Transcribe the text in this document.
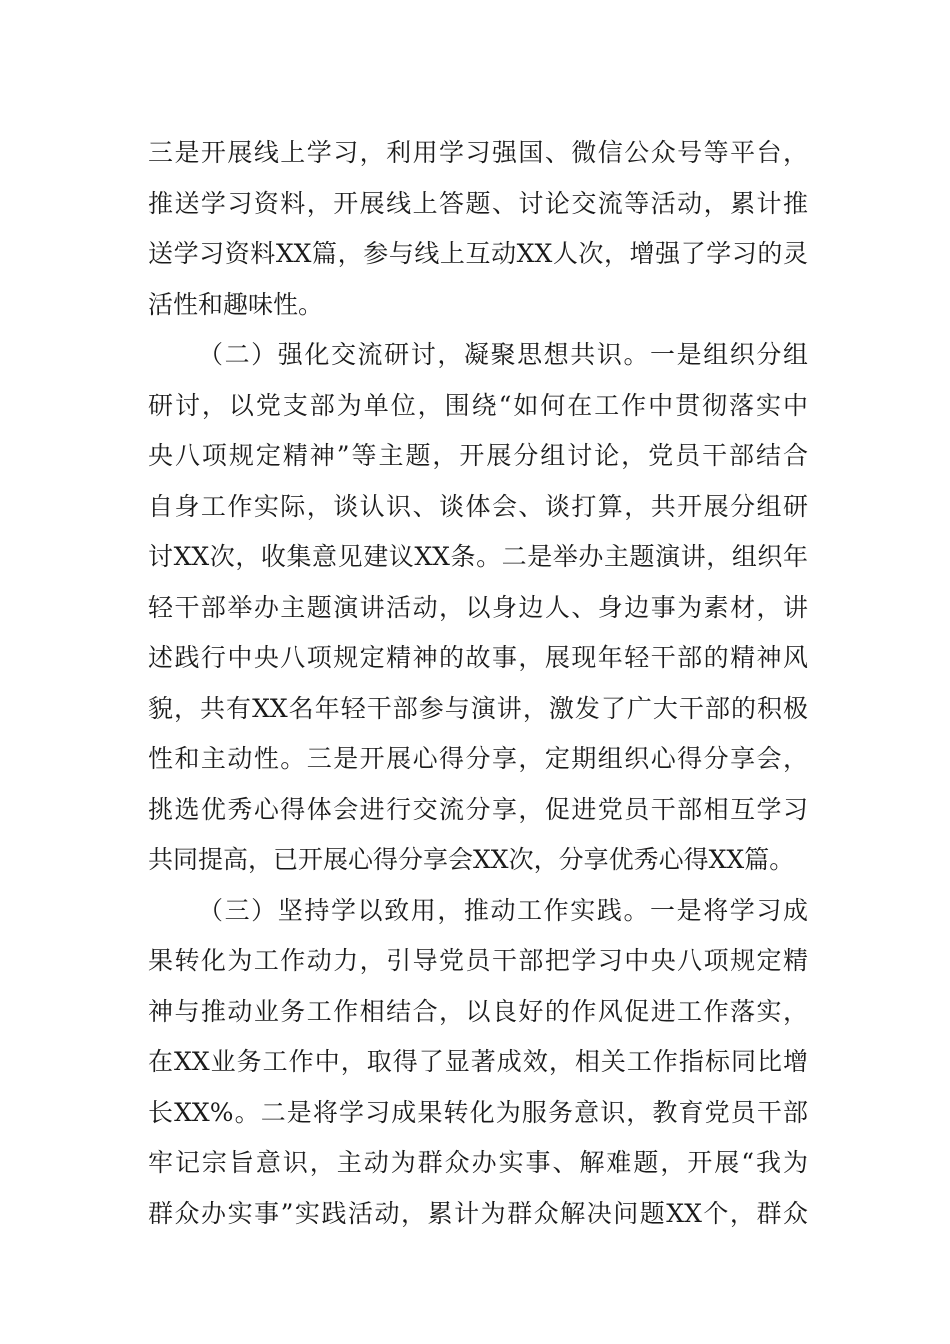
三是开展线上学习，利用学习强国、微信公众号等平台，
推送学习资料，开展线上答题、讨论交流等活动，累计推
送学习资料XX篇，参与线上互动XX人次，增强了学习的灵
活性和趣味性。
（二）强化交流研讨，凝聚思想共识。一是组织分组
研讨，以党支部为单位，围绕“如何在工作中贯彻落实中
央八项规定精神”等主题，开展分组讨论，党员干部结合
自身工作实际，谈认识、谈体会、谈打算，共开展分组研
讨XX次，收集意见建议XX条。二是举办主题演讲，组织年
轻干部举办主题演讲活动，以身边人、身边事为素材，讲
述践行中央八项规定精神的故事，展现年轻干部的精神风
貌，共有XX名年轻干部参与演讲，激发了广大干部的积极
性和主动性。三是开展心得分享，定期组织心得分享会，
挑选优秀心得体会进行交流分享，促进党员干部相互学习
共同提高，已开展心得分享会XX次，分享优秀心得XX篇。
（三）坚持学以致用，推动工作实践。一是将学习成
果转化为工作动力，引导党员干部把学习中央八项规定精
神与推动业务工作相结合，以良好的作风促进工作落实，
在XX业务工作中，取得了显著成效，相关工作指标同比增
长XX%。二是将学习成果转化为服务意识，教育党员干部
牢记宗旨意识，主动为群众办实事、解难题，开展“我为
群众办实事”实践活动，累计为群众解决问题XX个，群众
